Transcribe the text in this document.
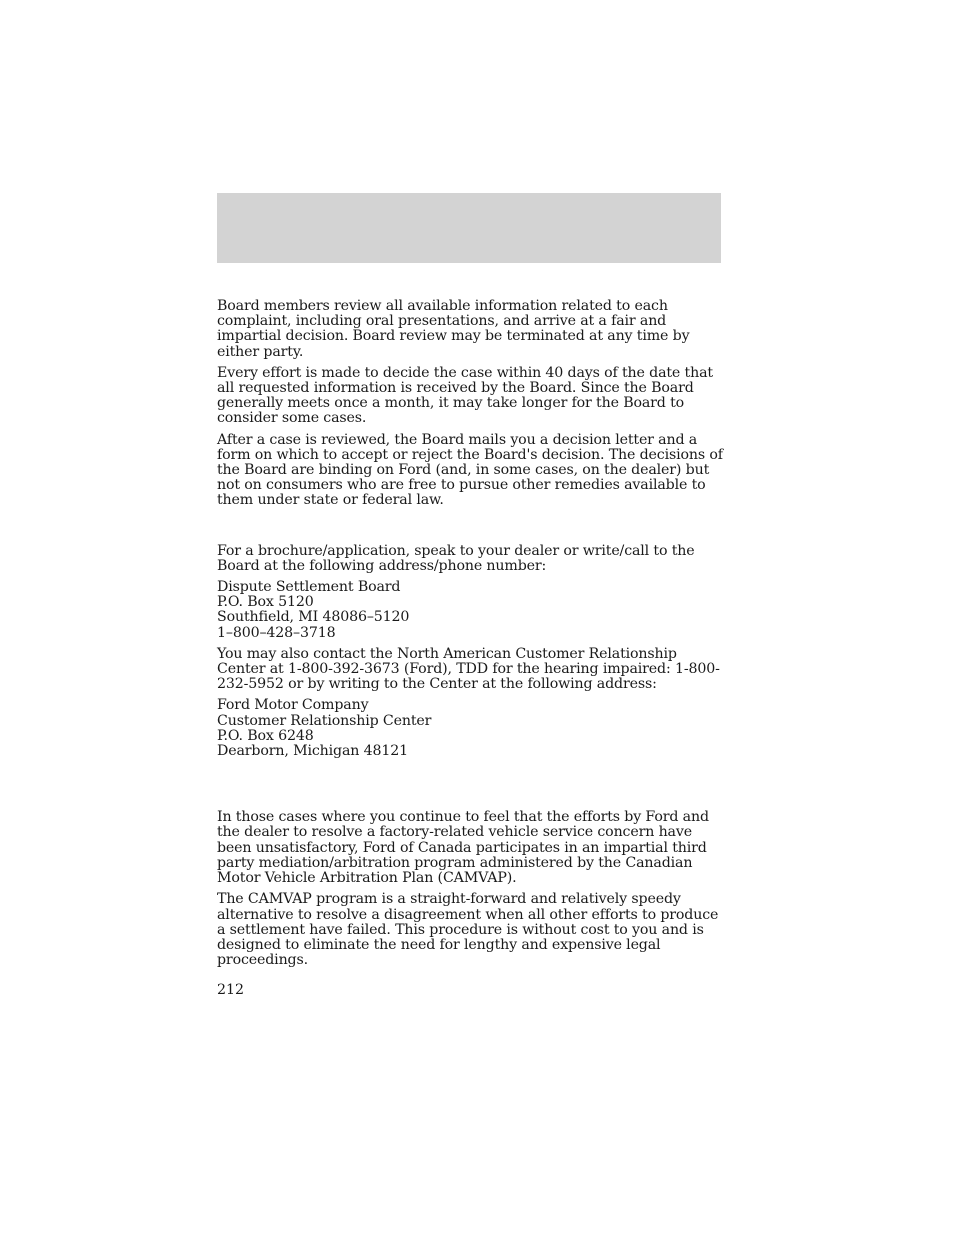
Board members review all available information related to each complaint, including oral presentations, and arrive at a fair and impartial decision. Board review may be terminated at any time by either party.

Every effort is made to decide the case within 40 days of the date that all requested information is received by the Board. Since the Board generally meets once a month, it may take longer for the Board to consider some cases.

After a case is reviewed, the Board mails you a decision letter and a form on which to accept or reject the Board's decision. The decisions of the Board are binding on Ford (and, in some cases, on the dealer) but not on consumers who are free to pursue other remedies available to them under state or federal law.

For a brochure/application, speak to your dealer or write/call to the Board at the following address/phone number:

Dispute Settlement Board
P.O. Box 5120
Southfield, MI 48086–5120
1–800–428–3718

You may also contact the North American Customer Relationship Center at 1-800-392-3673 (Ford), TDD for the hearing impaired: 1-800-232-5952 or by writing to the Center at the following address:

Ford Motor Company
Customer Relationship Center
P.O. Box 6248
Dearborn, Michigan 48121

In those cases where you continue to feel that the efforts by Ford and the dealer to resolve a factory-related vehicle service concern have been unsatisfactory, Ford of Canada participates in an impartial third party mediation/arbitration program administered by the Canadian Motor Vehicle Arbitration Plan (CAMVAP).

The CAMVAP program is a straight-forward and relatively speedy alternative to resolve a disagreement when all other efforts to produce a settlement have failed. This procedure is without cost to you and is designed to eliminate the need for lengthy and expensive legal proceedings.

212
